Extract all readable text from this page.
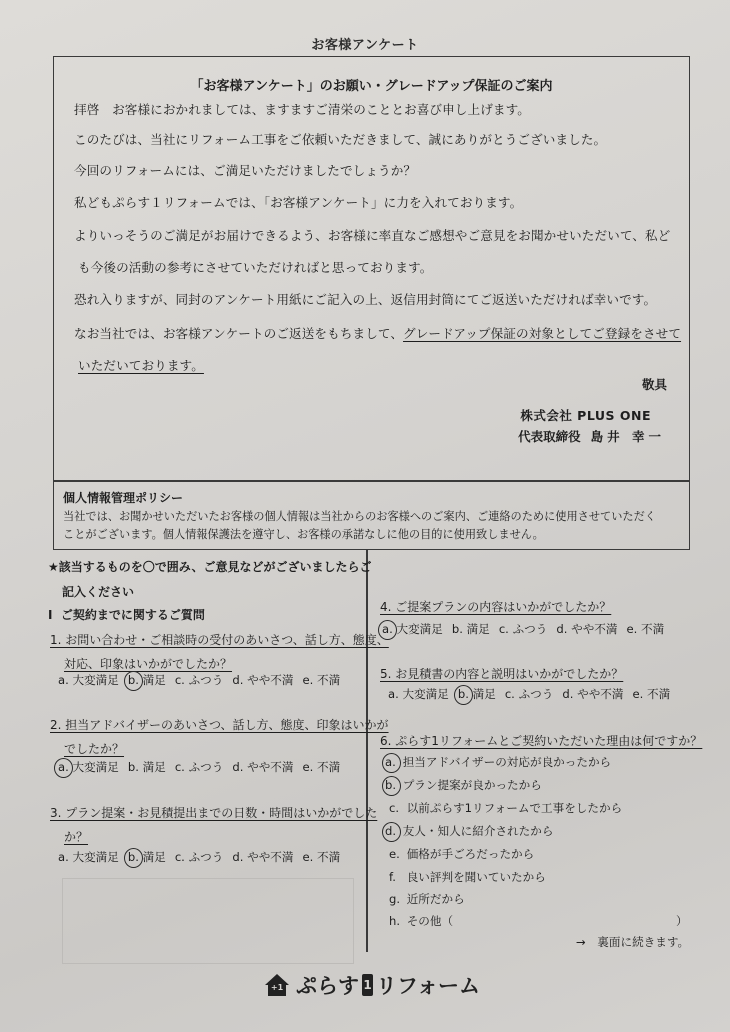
お客様アンケート
「お客様アンケート」のお願い・グレードアップ保証のご案内
拝啓　お客様におかれましては、ますますご清栄のこととお喜び申し上げます。
このたびは、当社にリフォーム工事をご依頼いただきまして、誠にありがとうございました。
今回のリフォームには、ご満足いただけましたでしょうか？
私どもぷらす１リフォームでは、「お客様アンケート」に力を入れております。
よりいっそうのご満足がお届けできるよう、お客様に率直なご感想やご意見をお聞かせいただいて、私ど
も今後の活動の参考にさせていただければと思っております。
恐れ入りますが、同封のアンケート用紙にご記入の上、返信用封筒にてご返送いただければ幸いです。
なお当社では、お客様アンケートのご返送をもちまして、グレードアップ保証の対象としてご登録をさせて
いただいております。
敬具
株式会社 PLUS ONE
代表取締役 島井 幸一
個人情報管理ポリシー
当社では、お聞かせいただいたお客様の個人情報は当社からのお客様へのご案内、ご連絡のために使用させていただく
ことがございます。個人情報保護法を遵守し、お客様の承諾なしに他の目的に使用致しません。
★該当するものを〇で囲み、ご意見などがございましたらご
記入ください
I ご契約までに関するご質問
1. お問い合わせ・ご相談時の受付のあいさつ、話し方、態度、
対応、印象はいかがでしたか？
a. 大変満足 b. 満足 c. ふつう d. やや不満 e. 不満
2. 担当アドバイザーのあいさつ、話し方、態度、印象はいかが
でしたか？
a. 大変満足 b. 満足 c. ふつう d. やや不満 e. 不満
3. プラン提案・お見積提出までの日数・時間はいかがでした
か？
a. 大変満足 b. 満足 c. ふつう d. やや不満 e. 不満
4. ご提案プランの内容はいかがでしたか？
a. 大変満足 b. 満足 c. ふつう d. やや不満 e. 不満
5. お見積書の内容と説明はいかがでしたか？
a. 大変満足 b. 満足 c. ふつう d. やや不満 e. 不満
6. ぷらす1リフォームとご契約いただいた理由は何ですか？
a. 担当アドバイザーの対応が良かったから
b. プラン提案が良かったから
c. 以前ぷらす1リフォームで工事をしたから
d. 友人・知人に紹介されたから
e. 価格が手ごろだったから
f. 良い評判を聞いていたから
g. 近所だから
h. その他（	）
→　裏面に続きます。
+1 ぷらす 1 リフォーム
